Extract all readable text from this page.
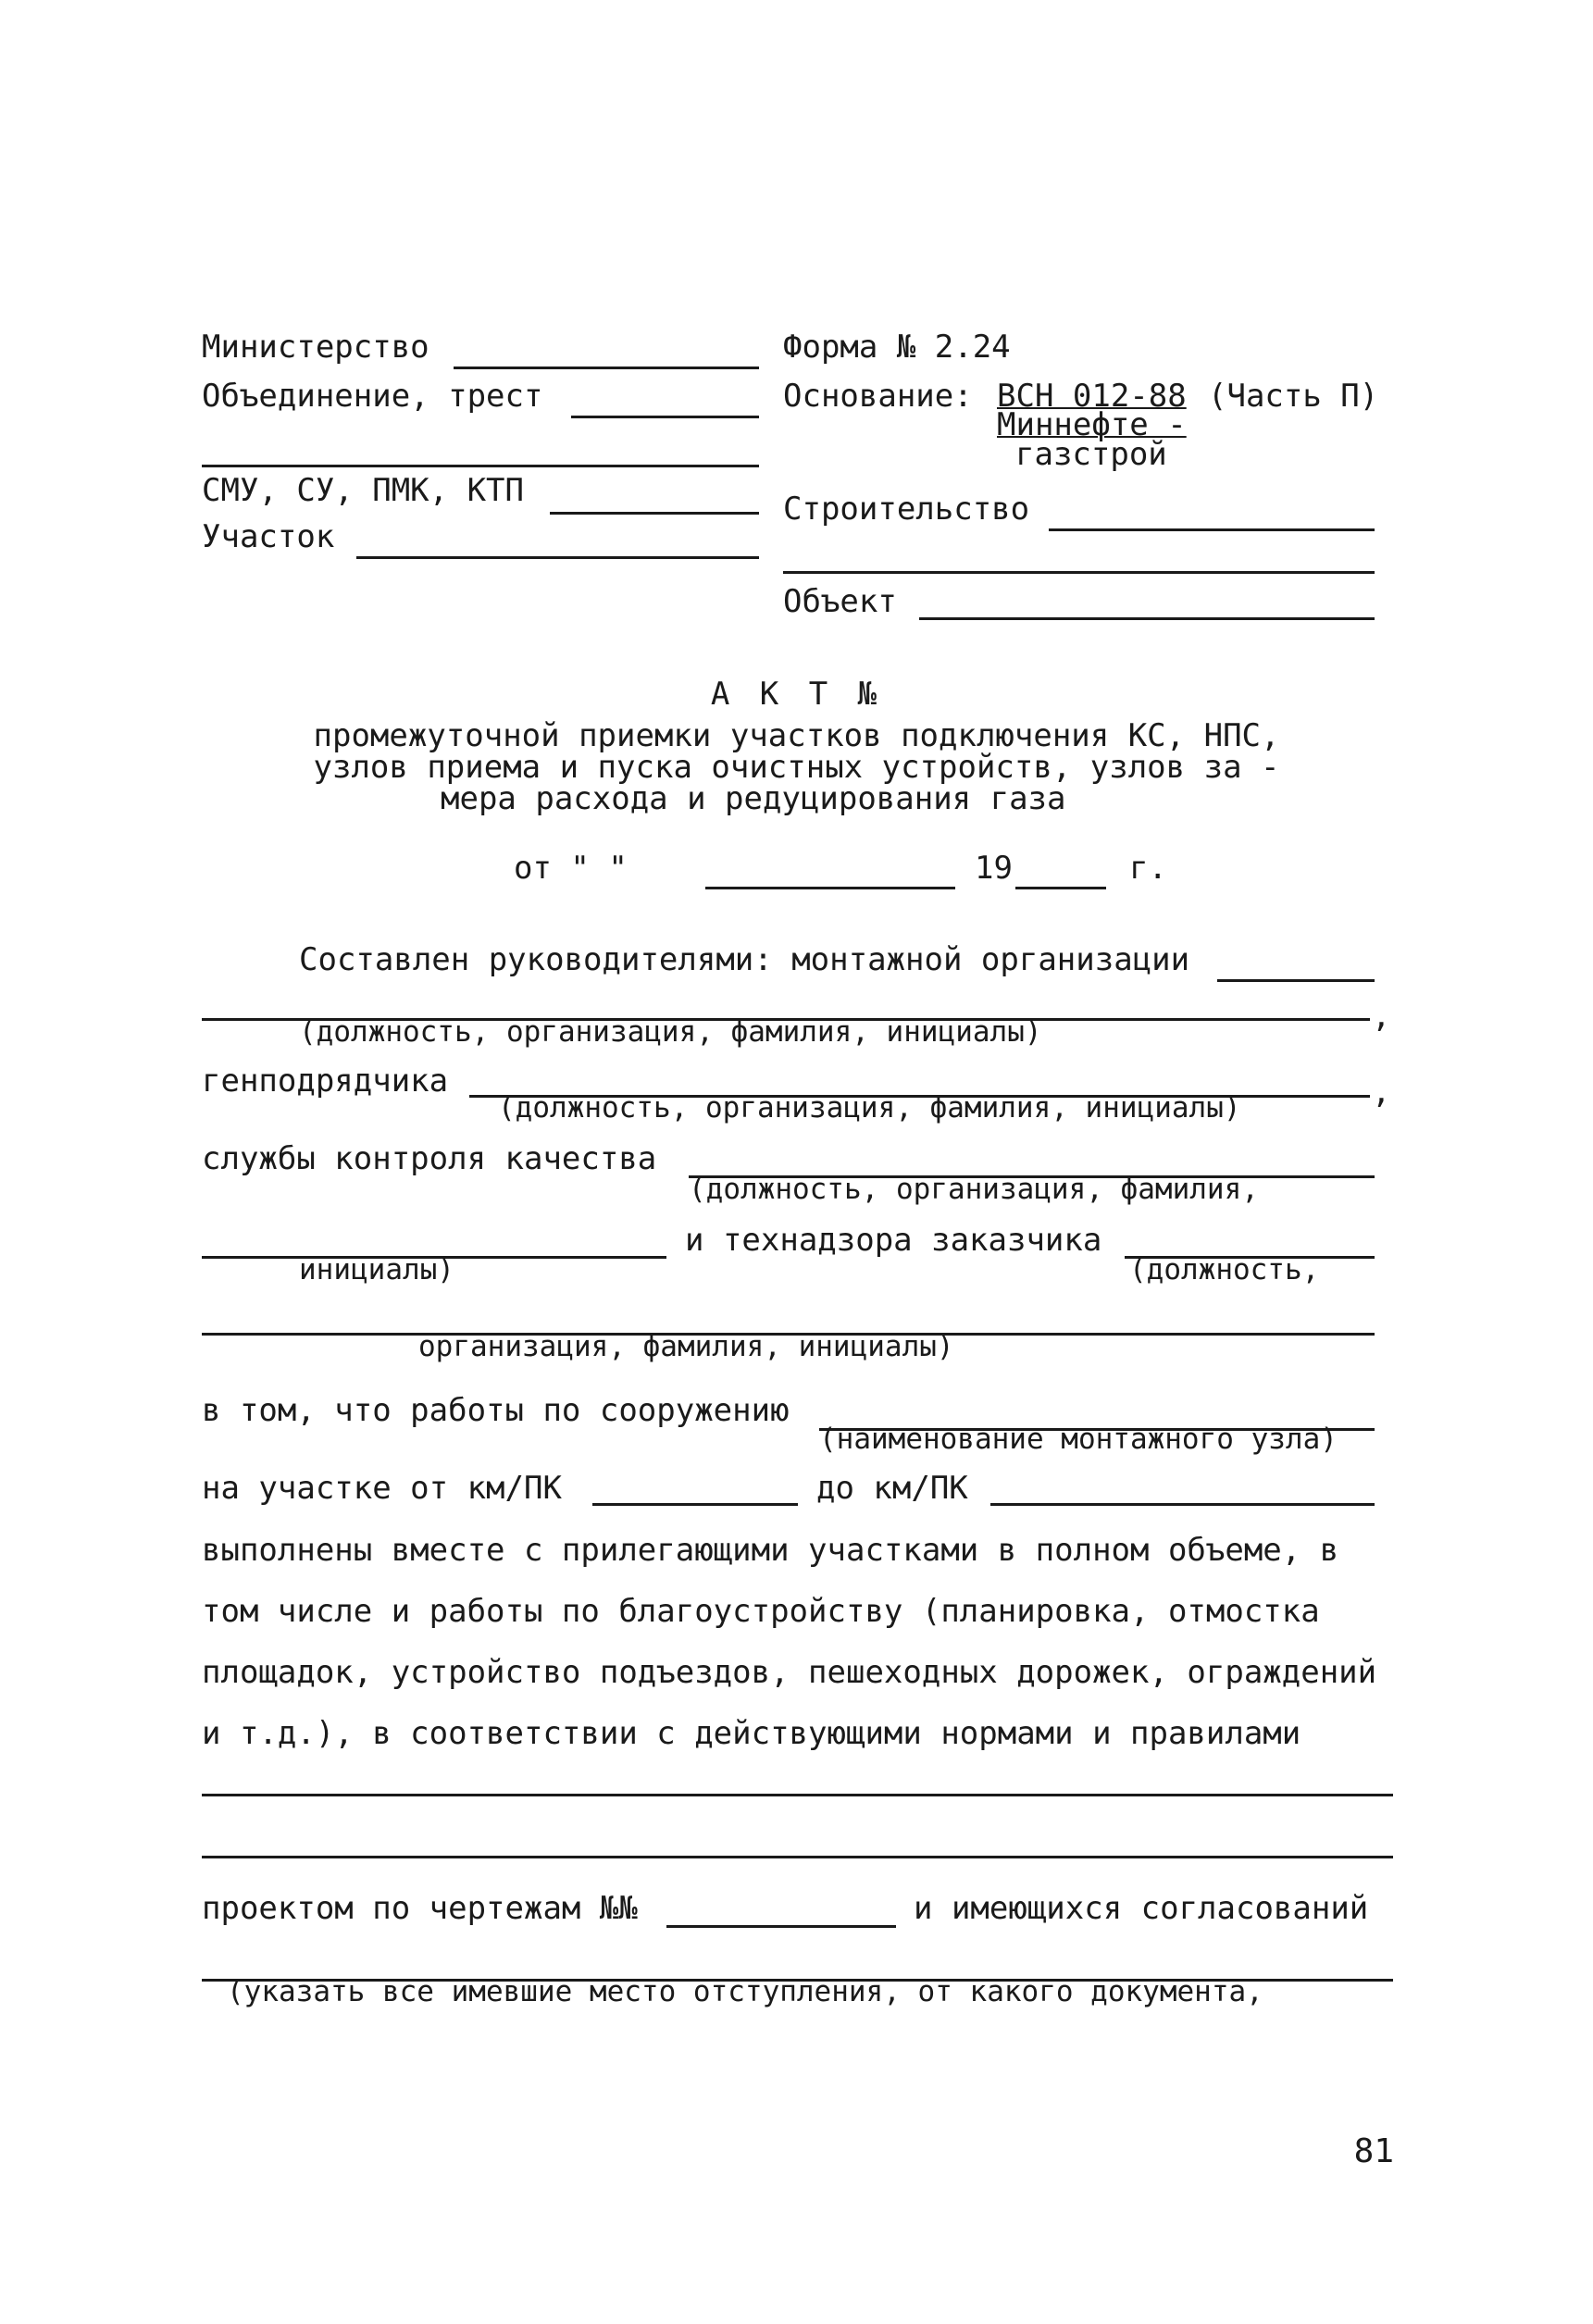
Министерство
Объединение, трест
СМУ, СУ, ПМК, КТП
Участок
Форма № 2.24
Основание: ВСН 012-88 (Часть П)
Миннефте -
газстрой
Строительство
Объект
А К Т №
промежуточной приемки участков подключения КС, НПС,
узлов приема и пуска очистных устройств, узлов за -
мера расхода и редуцирования газа
от " "	19	г.
Составлен руководителями: монтажной организации
(должность, организация, фамилия, инициалы)	,
генподрядчика
(должность, организация, фамилия, инициалы)	,
службы контроля качества
(должность, организация, фамилия,
инициалы)
и технадзора заказчика
(должность,
организация, фамилия, инициалы)
в том, что работы по сооружению
(наименование монтажного узла)
на участке от км/ПК	до км/ПК
выполнены вместе с прилегающими участками в полном объеме, в
том числе и работы по благоустройству (планировка, отмостка
площадок, устройство подъездов, пешеходных дорожек, ограждений
и т.д.), в соответствии с действующими нормами и правилами
проектом по чертежам №№	и имеющихся согласований
(указать все имевшие место отступления, от какого документа,
81
